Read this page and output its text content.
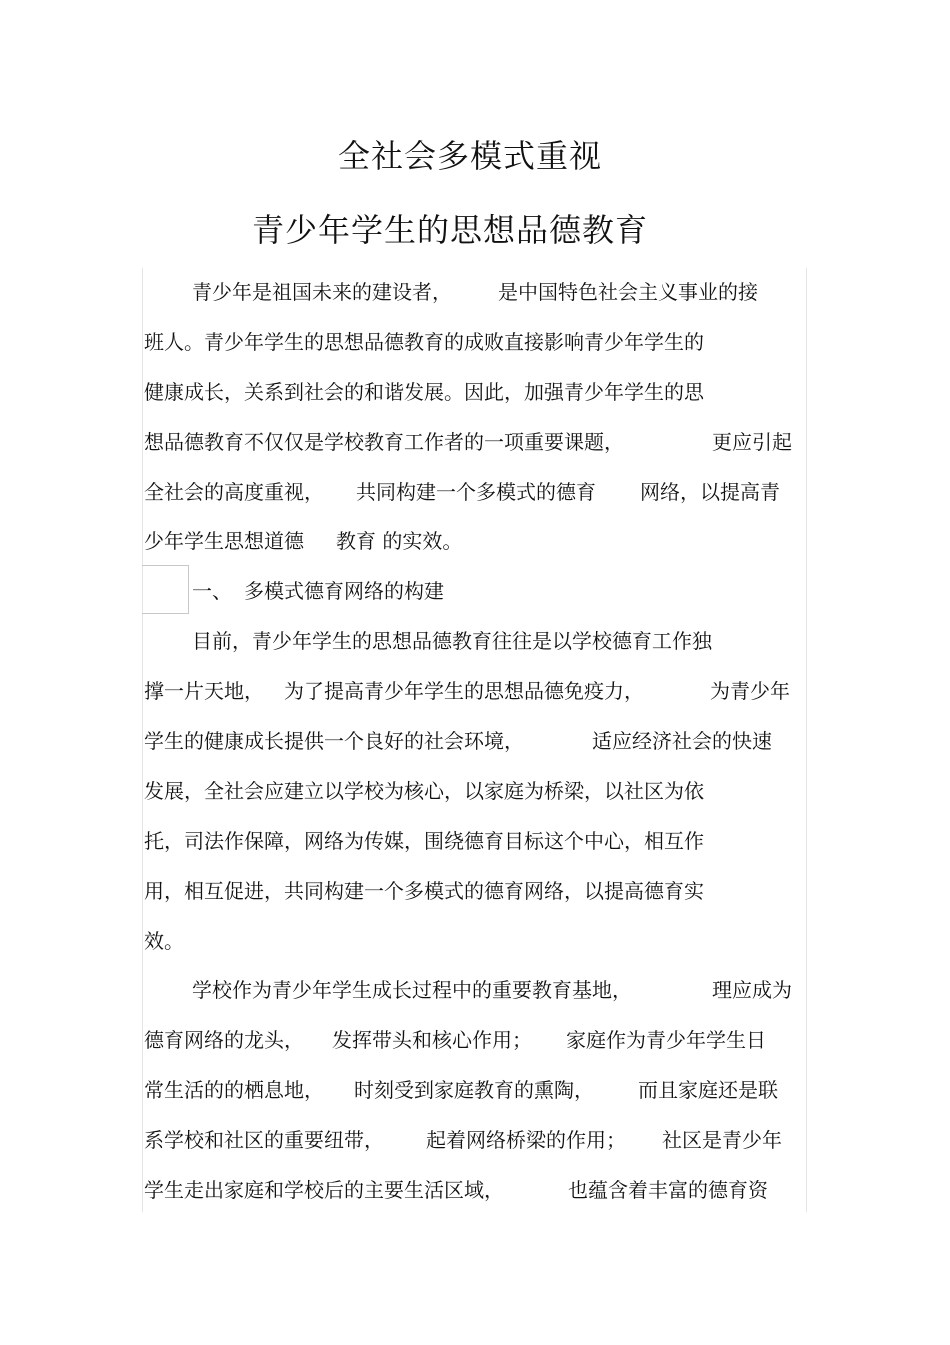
全社会多模式重视
青少年学生的思想品德教育
青少年是祖国未来的建设者， 是中国特色社会主义事业的接
班人。青少年学生的思想品德教育的成败直接影响青少年学生的
健康成长，关系到社会的和谐发展。因此，加强青少年学生的思
想品德教育不仅仅是学校教育工作者的一项重要课题，	更应引起
全社会的高度重视， 共同构建一个多模式的德育 网络，以提高青
少年学生思想道德 教育 的实效。
一、 多模式德育网络的构建
目前，青少年学生的思想品德教育往往是以学校德育工作独
撑一片天地， 为了提高青少年学生的思想品德免疫力，	为青少年
学生的健康成长提供一个良好的社会环境，	适应经济社会的快速
发展，全社会应建立以学校为核心，以家庭为桥梁，以社区为依
托，司法作保障，网络为传媒，围绕德育目标这个中心，相互作
用，相互促进，共同构建一个多模式的德育网络，以提高德育实
效。
学校作为青少年学生成长过程中的重要教育基地，	理应成为
德育网络的龙头， 发挥带头和核心作用； 家庭作为青少年学生日
常生活的的栖息地， 时刻受到家庭教育的熏陶， 而且家庭还是联
系学校和社区的重要纽带， 起着网络桥梁的作用； 社区是青少年
学生走出家庭和学校后的主要生活区域，	也蕴含着丰富的德育资
